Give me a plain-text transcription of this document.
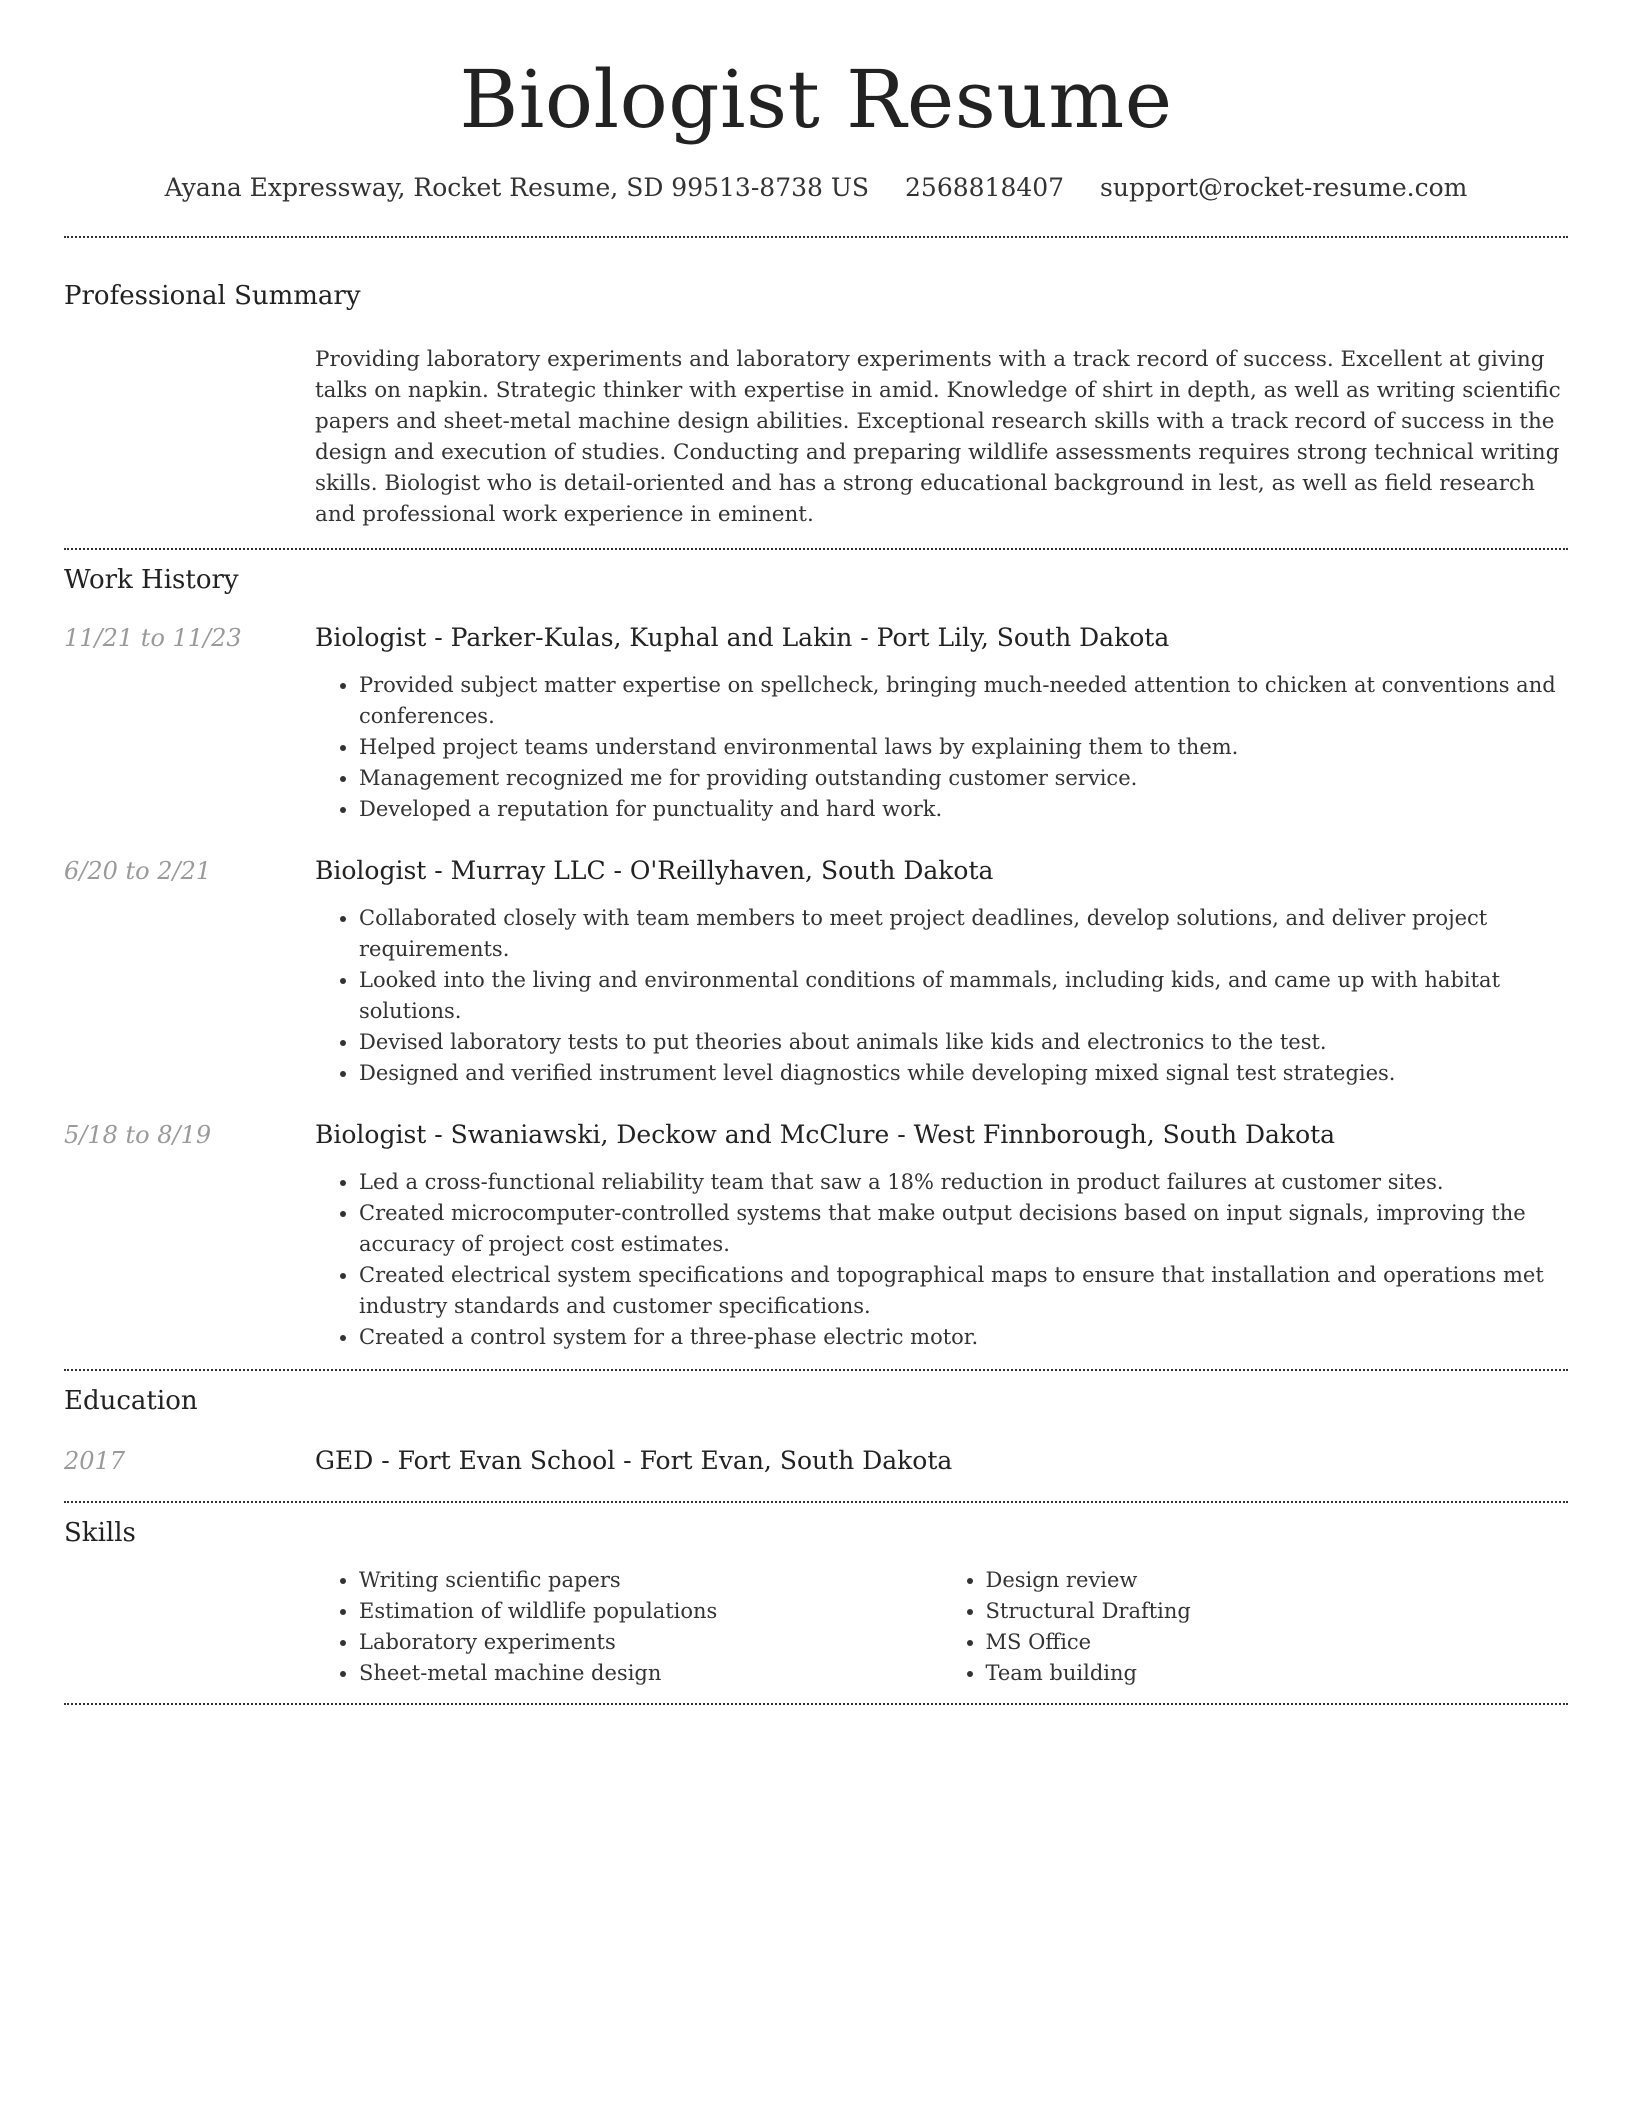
Biologist Resume
Ayana Expressway, Rocket Resume, SD 99513-8738 US 2568818407 support@rocket-resume.com
Professional Summary

Providing laboratory experiments and laboratory experiments with a track record of success. Excellent at giving talks on napkin. Strategic thinker with expertise in amid. Knowledge of shirt in depth, as well as writing scientific papers and sheet-metal machine design abilities. Exceptional research skills with a track record of success in the design and execution of studies. Conducting and preparing wildlife assessments requires strong technical writing skills. Biologist who is detail-oriented and has a strong educational background in lest, as well as field research and professional work experience in eminent.

Work History
11/21 to 11/23	Biologist - Parker-Kulas, Kuphal and Lakin - Port Lily, South Dakota
• Provided subject matter expertise on spellcheck, bringing much-needed attention to chicken at conventions and conferences.
• Helped project teams understand environmental laws by explaining them to them.
• Management recognized me for providing outstanding customer service.
• Developed a reputation for punctuality and hard work.
6/20 to 2/21	Biologist - Murray LLC - O'Reillyhaven, South Dakota
• Collaborated closely with team members to meet project deadlines, develop solutions, and deliver project requirements.
• Looked into the living and environmental conditions of mammals, including kids, and came up with habitat solutions.
• Devised laboratory tests to put theories about animals like kids and electronics to the test.
• Designed and verified instrument level diagnostics while developing mixed signal test strategies.
5/18 to 8/19	Biologist - Swaniawski, Deckow and McClure - West Finnborough, South Dakota
• Led a cross-functional reliability team that saw a 18% reduction in product failures at customer sites.
• Created microcomputer-controlled systems that make output decisions based on input signals, improving the accuracy of project cost estimates.
• Created electrical system specifications and topographical maps to ensure that installation and operations met industry standards and customer specifications.
• Created a control system for a three-phase electric motor.
Education
2017	GED - Fort Evan School - Fort Evan, South Dakota
Skills
• Writing scientific papers
• Estimation of wildlife populations
• Laboratory experiments
• Sheet-metal machine design
• Design review
• Structural Drafting
• MS Office
• Team building
